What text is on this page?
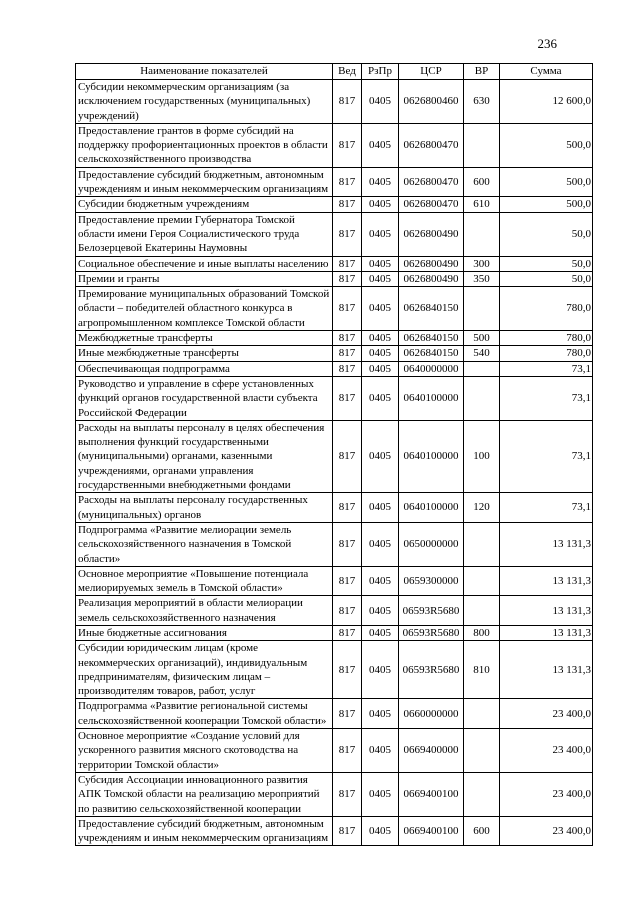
236
Наименование показателей	Вед	РзПр	ЦСР	ВР	Сумма
Субсидии некоммерческим организациям (за исключением государственных (муниципальных) учреждений)	817	0405	0626800460	630	12 600,0
Предоставление грантов в форме субсидий на поддержку профориентационных проектов в области сельскохозяйственного производства	817	0405	0626800470		500,0
Предоставление субсидий бюджетным, автономным учреждениям и иным некоммерческим организациям	817	0405	0626800470	600	500,0
Субсидии бюджетным учреждениям	817	0405	0626800470	610	500,0
Предоставление премии Губернатора Томской области имени Героя Социалистического труда Белозерцевой Екатерины Наумовны	817	0405	0626800490		50,0
Социальное обеспечение и иные выплаты населению	817	0405	0626800490	300	50,0
Премии и гранты	817	0405	0626800490	350	50,0
Премирование муниципальных образований Томской области – победителей областного конкурса в агропромышленном комплексе Томской области	817	0405	0626840150		780,0
Межбюджетные трансферты	817	0405	0626840150	500	780,0
Иные межбюджетные трансферты	817	0405	0626840150	540	780,0
Обеспечивающая подпрограмма	817	0405	0640000000		73,1
Руководство и управление в сфере установленных функций органов государственной власти субъекта Российской Федерации	817	0405	0640100000		73,1
Расходы на выплаты персоналу в целях обеспечения выполнения функций государственными (муниципальными) органами, казенными учреждениями, органами управления государственными внебюджетными фондами	817	0405	0640100000	100	73,1
Расходы на выплаты персоналу государственных (муниципальных) органов	817	0405	0640100000	120	73,1
Подпрограмма «Развитие мелиорации земель сельскохозяйственного назначения в Томской области»	817	0405	0650000000		13 131,3
Основное мероприятие «Повышение потенциала мелиорируемых земель в Томской области»	817	0405	0659300000		13 131,3
Реализация мероприятий в области мелиорации земель сельскохозяйственного назначения	817	0405	06593R5680		13 131,3
Иные бюджетные ассигнования	817	0405	06593R5680	800	13 131,3
Субсидии юридическим лицам (кроме некоммерческих организаций), индивидуальным предпринимателям, физическим лицам – производителям товаров, работ, услуг	817	0405	06593R5680	810	13 131,3
Подпрограмма «Развитие региональной системы сельскохозяйственной кооперации Томской области»	817	0405	0660000000		23 400,0
Основное мероприятие «Создание условий для ускоренного развития мясного скотоводства на территории Томской области»	817	0405	0669400000		23 400,0
Субсидия Ассоциации инновационного развития АПК Томской области на реализацию мероприятий по развитию сельскохозяйственной кооперации	817	0405	0669400100		23 400,0
Предоставление субсидий бюджетным, автономным учреждениям и иным некоммерческим организациям	817	0405	0669400100	600	23 400,0
